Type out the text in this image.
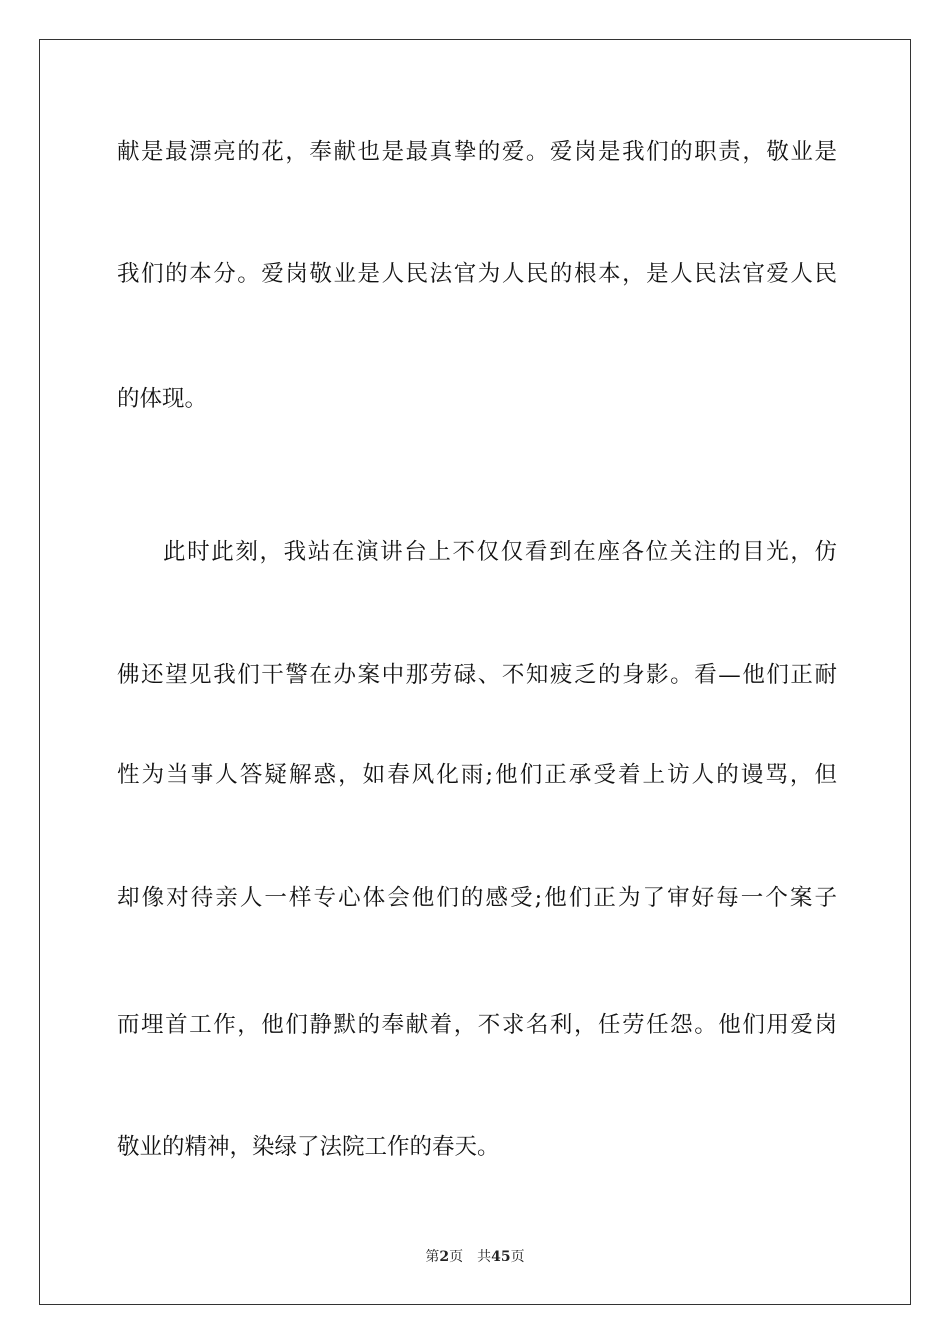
献是最漂亮的花，奉献也是最真挚的爱。爱岗是我们的职责，敬业是
我们的本分。爱岗敬业是人民法官为人民的根本，是人民法官爱人民
的体现。
此时此刻，我站在演讲台上不仅仅看到在座各位关注的目光，仿
佛还望见我们干警在办案中那劳碌、不知疲乏的身影。看—他们正耐
性为当事人答疑解惑，如春风化雨;他们正承受着上访人的谩骂，但
却像对待亲人一样专心体会他们的感受;他们正为了审好每一个案子
而埋首工作，他们静默的奉献着，不求名利，任劳任怨。他们用爱岗
敬业的精神，染绿了法院工作的春天。
第2页 共45页
